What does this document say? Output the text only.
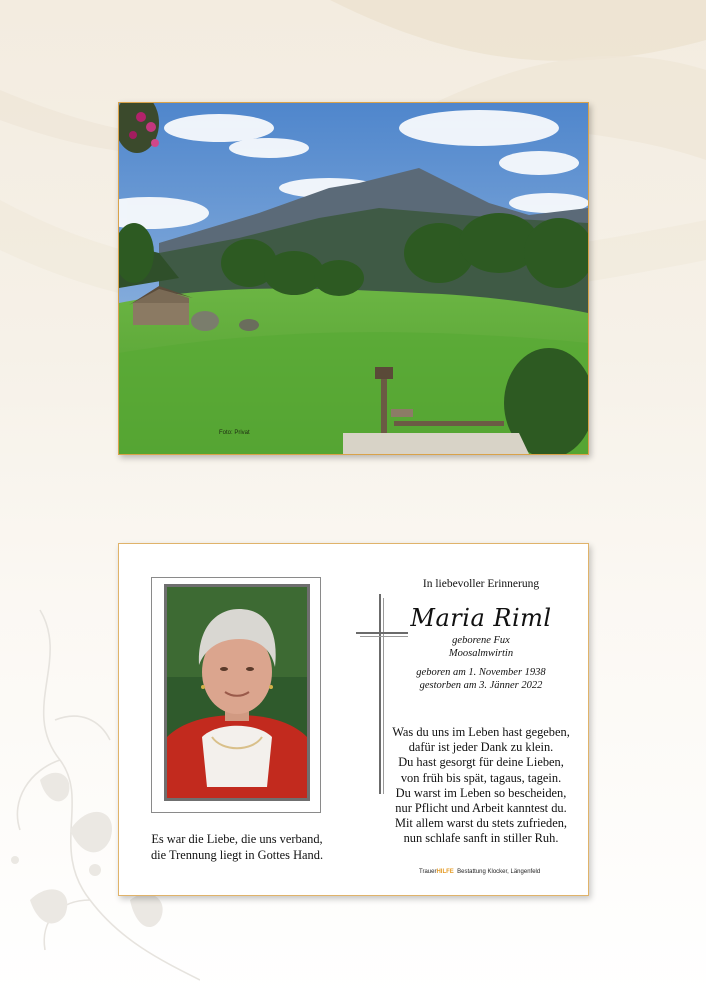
Foto: Privat
Es war die Liebe, die uns verband,
die Trennung liegt in Gottes Hand.
In liebevoller Erinnerung
Maria Riml
geborene Fux
Moosalmwirtin
geboren am 1. November 1938
gestorben am 3. Jänner 2022
Was du uns im Leben hast gegeben,
dafür ist jeder Dank zu klein.
Du hast gesorgt für deine Lieben,
von früh bis spät, tagaus, tagein.
Du warst im Leben so bescheiden,
nur Pflicht und Arbeit kanntest du.
Mit allem warst du stets zufrieden,
nun schlafe sanft in stiller Ruh.
TrauerHILFE Bestattung Klocker, Längenfeld
